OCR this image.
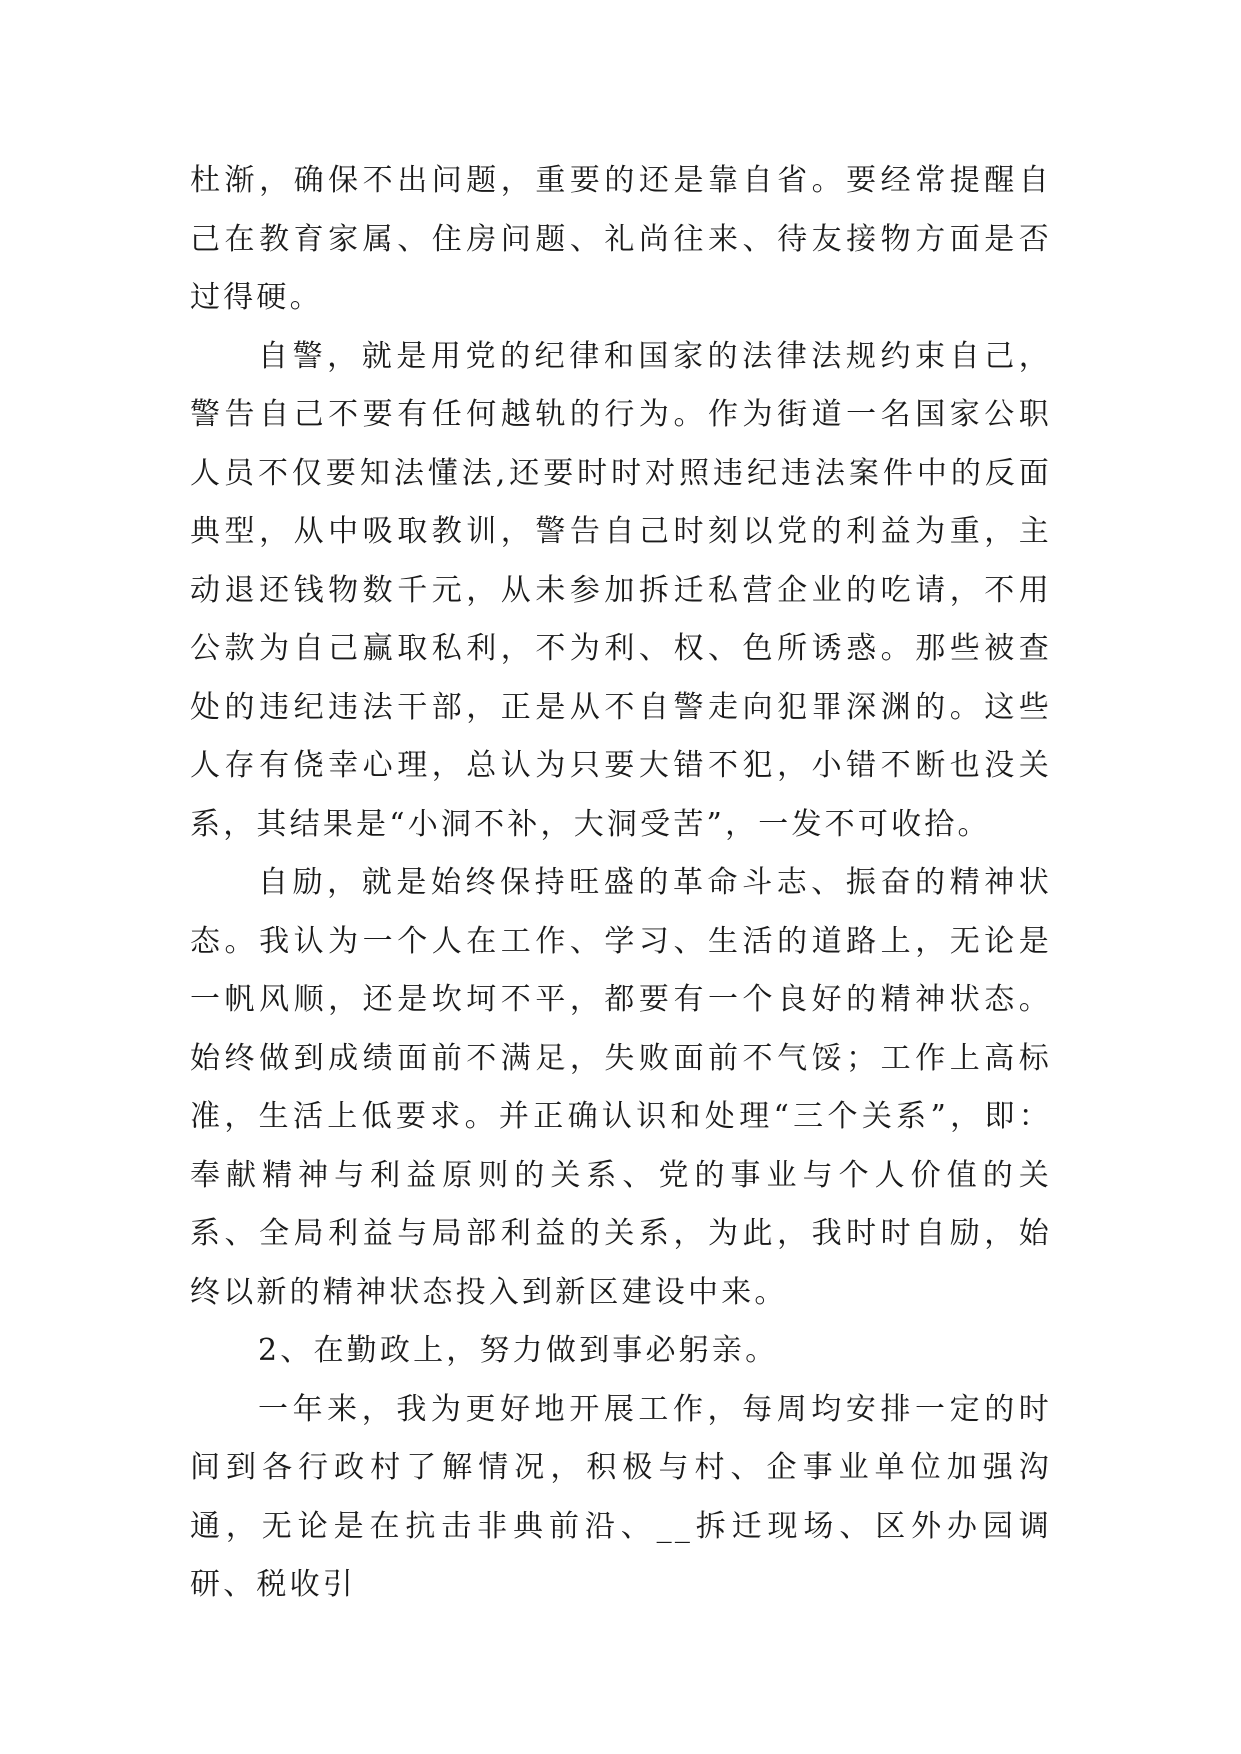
杜渐，确保不出问题，重要的还是靠自省。要经常提醒自己在教育家属、住房问题、礼尚往来、待友接物方面是否过得硬。

自警，就是用党的纪律和国家的法律法规约束自己，警告自己不要有任何越轨的行为。作为街道一名国家公职人员不仅要知法懂法,还要时时对照违纪违法案件中的反面典型，从中吸取教训，警告自己时刻以党的利益为重，主动退还钱物数千元，从未参加拆迁私营企业的吃请，不用公款为自己赢取私利，不为利、权、色所诱惑。那些被查处的违纪违法干部，正是从不自警走向犯罪深渊的。这些人存有侥幸心理，总认为只要大错不犯，小错不断也没关系，其结果是“小洞不补，大洞受苦”，一发不可收拾。

自励，就是始终保持旺盛的革命斗志、振奋的精神状态。我认为一个人在工作、学习、生活的道路上，无论是一帆风顺，还是坎坷不平，都要有一个良好的精神状态。始终做到成绩面前不满足，失败面前不气馁；工作上高标准，生活上低要求。并正确认识和处理“三个关系”，即：奉献精神与利益原则的关系、党的事业与个人价值的关系、全局利益与局部利益的关系，为此，我时时自励，始终以新的精神状态投入到新区建设中来。

2、在勤政上，努力做到事必躬亲。

一年来，我为更好地开展工作，每周均安排一定的时间到各行政村了解情况，积极与村、企事业单位加强沟通，无论是在抗击非典前沿、__拆迁现场、区外办园调研、税收引
